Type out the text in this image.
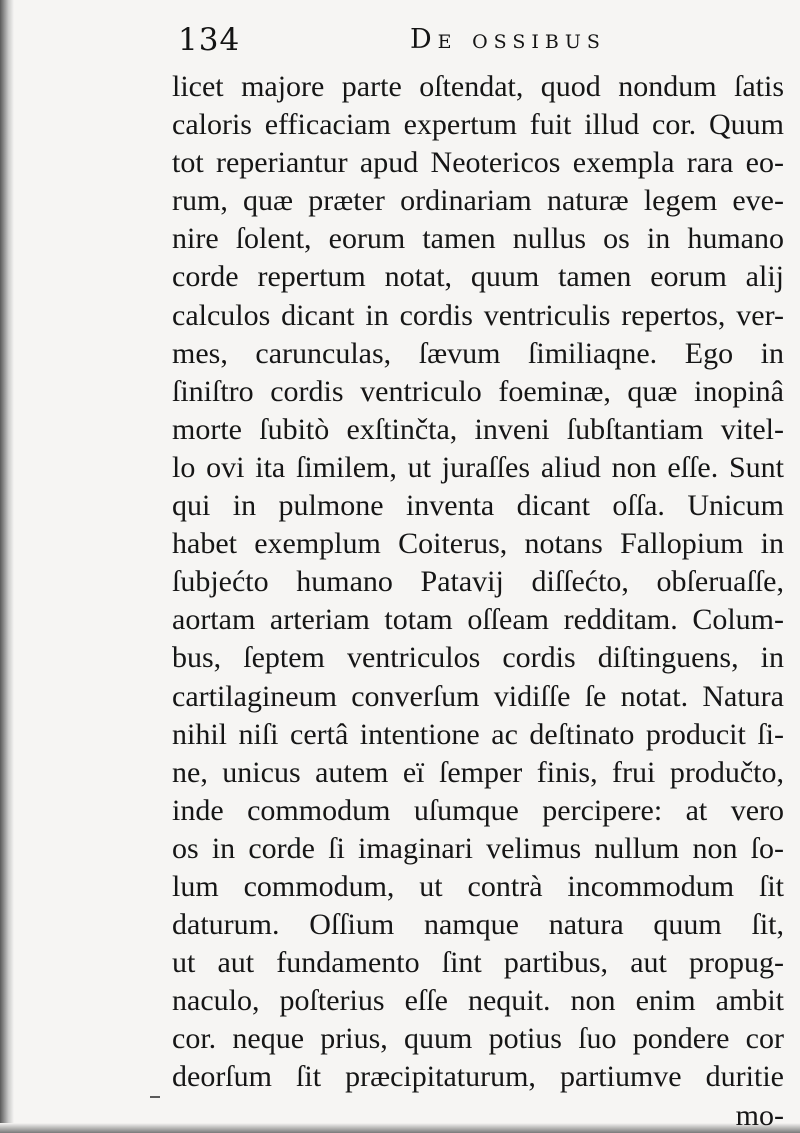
134	De ossibus
licet majore parte oſtendat, quod nondum ſatis
caloris efficaciam expertum fuit illud cor. Quum
tot reperiantur apud Neotericos exempla rara eo-
rum, quæ præter ordinariam naturæ legem eve-
nire ſolent, eorum tamen nullus os in humano
corde repertum notat, quum tamen eorum alij
calculos dicant in cordis ventriculis repertos, ver-
mes, carunculas, ſævum ſimiliaqne. Ego in
ſiniſtro cordis ventriculo foeminæ, quæ inopinâ
morte ſubitò exſtinčta, inveni ſubſtantiam vitel-
lo ovi ita ſimilem, ut juraſſes aliud non eſſe. Sunt
qui in pulmone inventa dicant oſſa. Unicum
habet exemplum Coiterus, notans Fallopium in
ſubjećto humano Patavij diſſećto, obſeruaſſe,
aortam arteriam totam oſſeam redditam. Colum-
bus, ſeptem ventriculos cordis diſtinguens, in
cartilagineum converſum vidiſſe ſe notat. Natura
nihil niſi certâ intentione ac deſtinato producit ſi-
ne, unicus autem eï ſemper finis, frui produčto,
inde commodum uſumque percipere: at vero
os in corde ſi imaginari velimus nullum non ſo-
lum commodum, ut contrà incommodum ſit
daturum. Oſſium namque natura quum ſit,
ut aut fundamento ſint partibus, aut propug-
naculo, poſterius eſſe nequit. non enim ambit
cor. neque prius, quum potius ſuo pondere cor
deorſum ſit præcipitaturum, partiumve duritie
mo-
